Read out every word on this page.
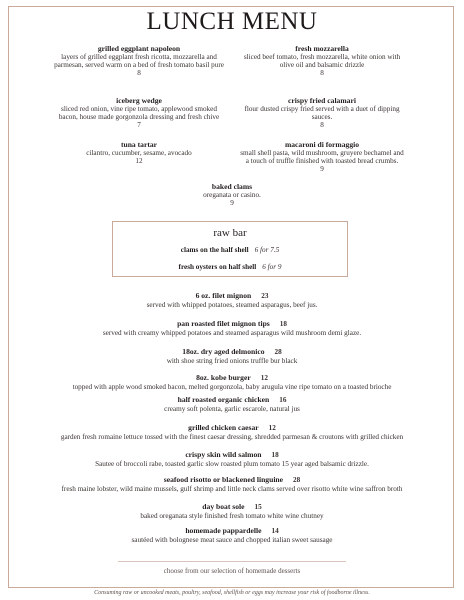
LUNCH MENU
grilled eggplant napoleon
layers of grilled eggplant fresh ricotta, mozzarella and parmesan, served warm on a bed of fresh tomato basil pure
8
fresh mozzarella
sliced beef tomato, fresh mozzarella, white onion with olive oil and balsamic drizzle
8
iceberg wedge
sliced red onion, vine ripe tomato, applewood smoked bacon, house made gorgonzola dressing and fresh chive
7
crispy fried calamari
flour dusted crispy fried served with a duet of dipping sauces.
8
tuna tartar
cilantro, cucumber, sesame, avocado
12
macaroni di formaggio
small shell pasta, wild mushroom, gruyere bechamel and a touch of truffle finished with toasted bread crumbs.
9
baked clams
oreganata or casino.
9
raw bar
clams on the half shell 6 for 7.5
fresh oysters on half shell 6 for 9
6 oz. filet mignon 23
served with whipped potatoes, steamed asparagus, beef jus.
pan roasted filet mignon tips 18
served with creamy whipped potatoes and steamed asparagus wild mushroom demi glaze.
18oz. dry aged delmonico 28
with shoe string fried onions truffle bur black
8oz. kobe burger 12
topped with apple wood smoked bacon, melted gorgonzola, baby arugula vine ripe tomato on a toasted brioche
half roasted organic chicken 16
creamy soft polenta, garlic escarole, natural jus
grilled chicken caesar 12
garden fresh romaine lettuce tossed with the finest caesar dressing, shredded parmesan & croutons with grilled chicken
crispy skin wild salmon 18
Sautee of broccoli rabe, toasted garlic slow roasted plum tomato 15 year aged balsamic drizzle.
seafood risotto or blackened linguine 28
fresh maine lobster, wild maine mussels, gulf shrimp and little neck clams served over risotto white wine saffron broth
day boat sole 15
baked oreganata style finished fresh tomato white wine chutney
homemade pappardelle 14
sautéed with bolognese meat sauce and chopped italian sweet sausage
choose from our selection of homemade desserts
Consuming raw or uncooked meats, poultry, seafood, shellfish or eggs may increase your risk of foodborne illness.
